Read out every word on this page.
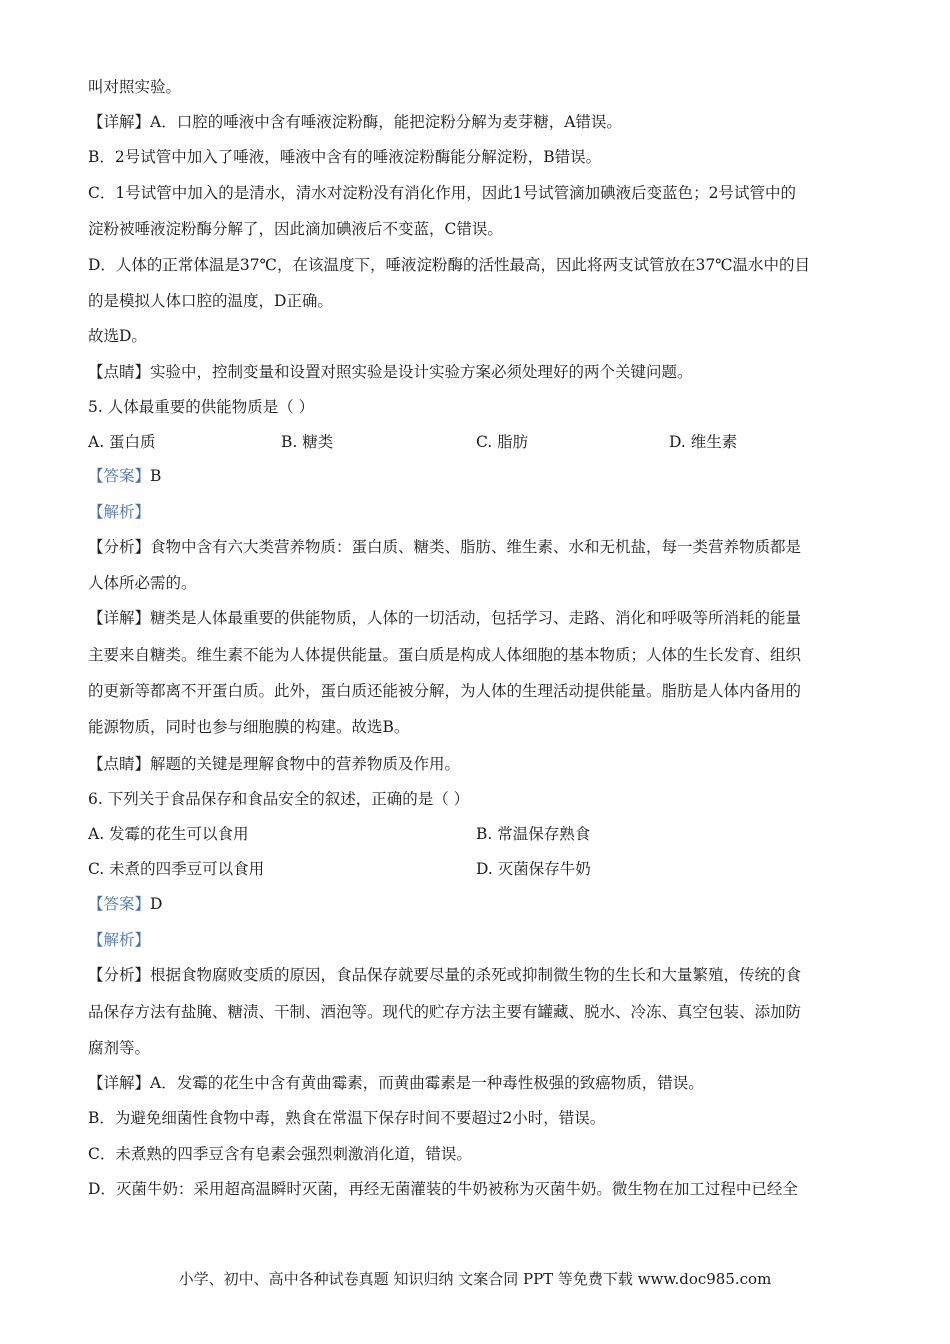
叫对照实验。
【详解】A．口腔的唾液中含有唾液淀粉酶，能把淀粉分解为麦芽糖，A错误。
B．2号试管中加入了唾液，唾液中含有的唾液淀粉酶能分解淀粉，B错误。
C．1号试管中加入的是清水，清水对淀粉没有消化作用，因此1号试管滴加碘液后变蓝色；2号试管中的
淀粉被唾液淀粉酶分解了，因此滴加碘液后不变蓝，C错误。
D．人体的正常体温是37℃，在该温度下，唾液淀粉酶的活性最高，因此将两支试管放在37℃温水中的目
的是模拟人体口腔的温度，D正确。
故选D。
【点睛】实验中，控制变量和设置对照实验是设计实验方案必须处理好的两个关键问题。
5. 人体最重要的供能物质是（ ）
A. 蛋白质	B. 糖类	C. 脂肪	D. 维生素
【答案】B
【解析】
【分析】食物中含有六大类营养物质：蛋白质、糖类、脂肪、维生素、水和无机盐，每一类营养物质都是
人体所必需的。
【详解】糖类是人体最重要的供能物质，人体的一切活动，包括学习、走路、消化和呼吸等所消耗的能量
主要来自糖类。维生素不能为人体提供能量。蛋白质是构成人体细胞的基本物质；人体的生长发育、组织
的更新等都离不开蛋白质。此外，蛋白质还能被分解，为人体的生理活动提供能量。脂肪是人体内备用的
能源物质，同时也参与细胞膜的构建。故选B。
【点睛】解题的关键是理解食物中的营养物质及作用。
6. 下列关于食品保存和食品安全的叙述，正确的是（ ）
A. 发霉的花生可以食用	B. 常温保存熟食
C. 未煮的四季豆可以食用	D. 灭菌保存牛奶
【答案】D
【解析】
【分析】根据食物腐败变质的原因，食品保存就要尽量的杀死或抑制微生物的生长和大量繁殖，传统的食
品保存方法有盐腌、糖渍、干制、酒泡等。现代的贮存方法主要有罐藏、脱水、冷冻、真空包装、添加防
腐剂等。
【详解】A．发霉的花生中含有黄曲霉素，而黄曲霉素是一种毒性极强的致癌物质，错误。
B．为避免细菌性食物中毒，熟食在常温下保存时间不要超过2小时，错误。
C．未煮熟的四季豆含有皂素会强烈刺激消化道，错误。
D．灭菌牛奶：采用超高温瞬时灭菌，再经无菌灌装的牛奶被称为灭菌牛奶。微生物在加工过程中已经全
小学、初中、高中各种试卷真题 知识归纳 文案合同 PPT 等免费下载 www.doc985.com
